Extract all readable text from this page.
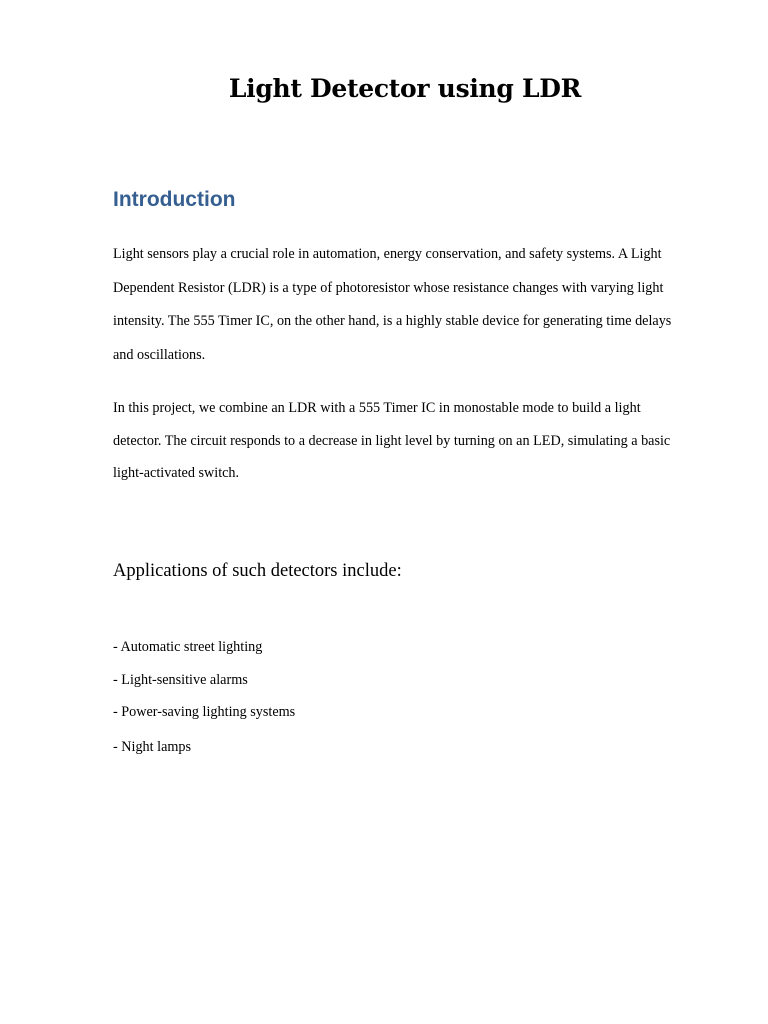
Light Detector using LDR
Introduction

Light sensors play a crucial role in automation, energy conservation, and safety systems. A Light Dependent Resistor (LDR) is a type of photoresistor whose resistance changes with varying light intensity. The 555 Timer IC, on the other hand, is a highly stable device for generating time delays and oscillations.

In this project, we combine an LDR with a 555 Timer IC in monostable mode to build a light detector. The circuit responds to a decrease in light level by turning on an LED, simulating a basic light-activated switch.

Applications of such detectors include:

- Automatic street lighting
- Light-sensitive alarms
- Power-saving lighting systems
- Night lamps
